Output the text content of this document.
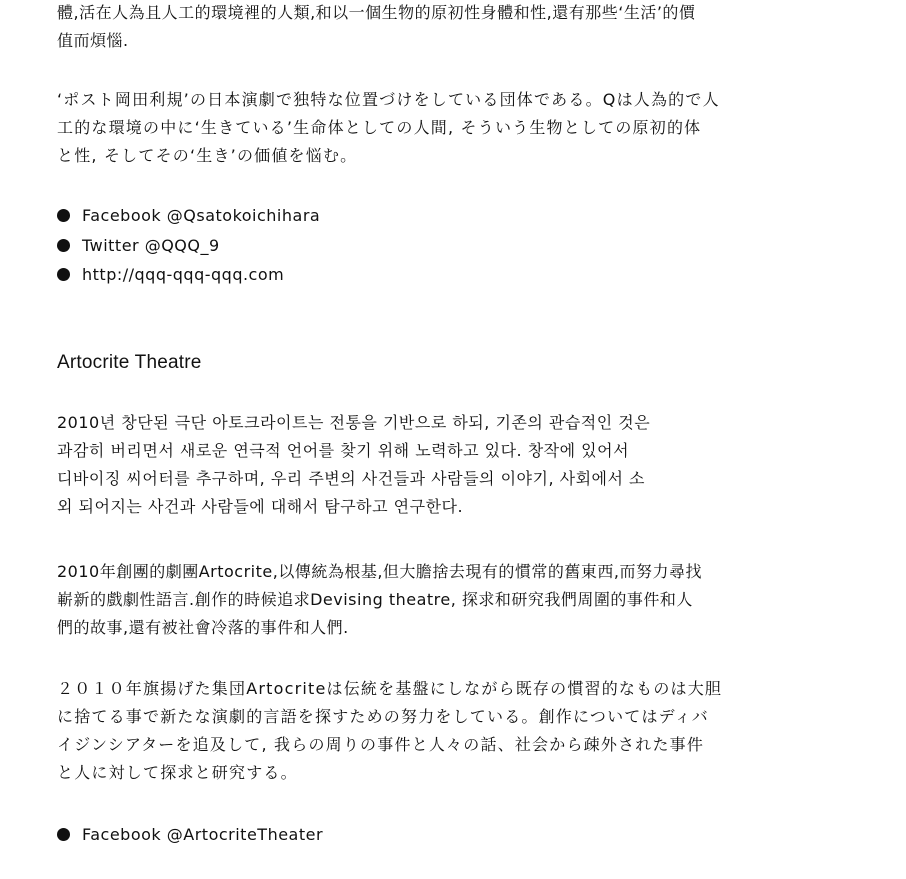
體,活在人為且人工的環境裡的人類,和以一個生物的原初性身體和性,還有那些‘生活’的價
值而煩惱.

‘ポスト岡田利規’の日本演劇で独特な位置づけをしている団体である。Qは人為的で人
工的な環境の中に‘生きている’生命体としての人間, そういう生物としての原初的体
と性, そしてその‘生き’の価値を悩む。

Facebook @Qsatokoichihara
Twitter @QQQ_9
http://qqq-qqq-qqq.com
Artocrite Theatre

2010년 창단된 극단 아토크라이트는 전통을 기반으로 하되, 기존의 관습적인 것은
과감히 버리면서 새로운 연극적 언어를 찾기 위해 노력하고 있다. 창작에 있어서
디바이징 씨어터를 추구하며, 우리 주변의 사건들과 사람들의 이야기, 사회에서 소
외 되어지는 사건과 사람들에 대해서 탐구하고 연구한다.

2010年創團的劇團Artocrite,以傳統為根基,但大膽捨去現有的慣常的舊東西,而努力尋找
嶄新的戲劇性語言.創作的時候追求Devising theatre, 探求和研究我們周圍的事件和人
們的故事,還有被社會冷落的事件和人們.

２０１０年旗揚げた集団Artocriteは伝統を基盤にしながら既存の慣習的なものは大胆
に捨てる事で新たな演劇的言語を探すための努力をしている。創作についてはディバ
イジンシアターを追及して, 我らの周りの事件と人々の話、社会から疎外された事件
と人に対して探求と研究する。

Facebook @ArtocriteTheater
